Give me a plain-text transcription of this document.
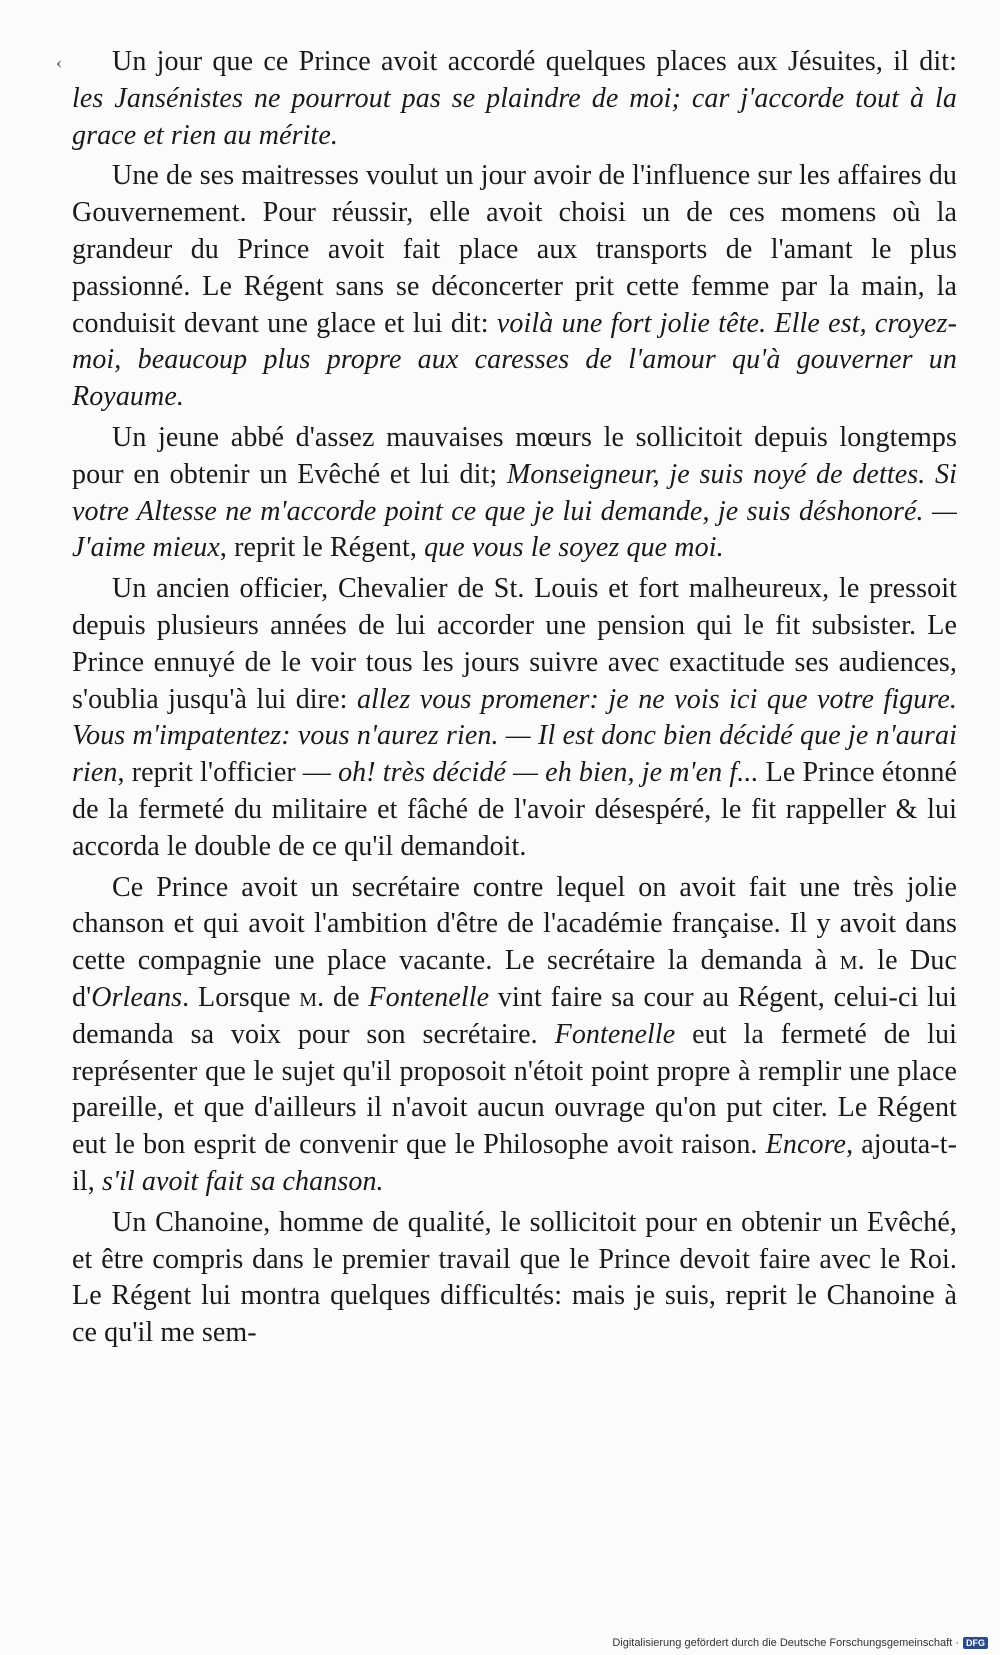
‹	Un jour que ce Prince avoit accordé quelques places aux Jésuites, il dit: les Jansénistes ne pourrout pas se plaindre de moi; car j'accorde tout à la grace et rien au mérite.

Une de ses maitresses voulut un jour avoir de l'influence sur les affaires du Gouvernement. Pour réussir, elle avoit choisi un de ces momens où la grandeur du Prince avoit fait place aux transports de l'amant le plus passionné. Le Régent sans se déconcerter prit cette femme par la main, la conduisit devant une glace et lui dit: voilà une fort jolie tête. Elle est, croyez-moi, beaucoup plus propre aux caresses de l'amour qu'à gouverner un Royaume.

Un jeune abbé d'assez mauvaises mœurs le sollicitoit depuis longtemps pour en obtenir un Evêché et lui dit; Monseigneur, je suis noyé de dettes. Si votre Altesse ne m'accorde point ce que je lui demande, je suis déshonoré. — J'aime mieux, reprit le Régent, que vous le soyez que moi.

Un ancien officier, Chevalier de St. Louis et fort malheureux, le pressoit depuis plusieurs années de lui accorder une pension qui le fit subsister. Le Prince ennuyé de le voir tous les jours suivre avec exactitude ses audiences, s'oublia jusqu'à lui dire: allez vous promener: je ne vois ici que votre figure. Vous m'impatentez: vous n'aurez rien. — Il est donc bien décidé que je n'aurai rien, reprit l'officier — oh! très décidé — eh bien, je m'en f... Le Prince étonné de la fermeté du militaire et fâché de l'avoir désespéré, le fit rappeller & lui accorda le double de ce qu'il demandoit.

Ce Prince avoit un secrétaire contre lequel on avoit fait une très jolie chanson et qui avoit l'ambition d'être de l'académie française. Il y avoit dans cette compagnie une place vacante. Le secrétaire la demanda à m. le Duc d'Orleans. Lorsque m. de Fontenelle vint faire sa cour au Régent, celui-ci lui demanda sa voix pour son secrétaire. Fontenelle eut la fermeté de lui représenter que le sujet qu'il proposoit n'étoit point propre à remplir une place pareille, et que d'ailleurs il n'avoit aucun ouvrage qu'on put citer. Le Régent eut le bon esprit de convenir que le Philosophe avoit raison. Encore, ajouta-t-il, s'il avoit fait sa chanson.

Un Chanoine, homme de qualité, le sollicitoit pour en obtenir un Evêché, et être compris dans le premier travail que le Prince devoit faire avec le Roi. Le Régent lui montra quelques difficultés: mais je suis, reprit le Chanoine à ce qu'il me sem-

Digitalisierung gefördert durch die Deutsche Forschungsgemeinschaft · DFG
